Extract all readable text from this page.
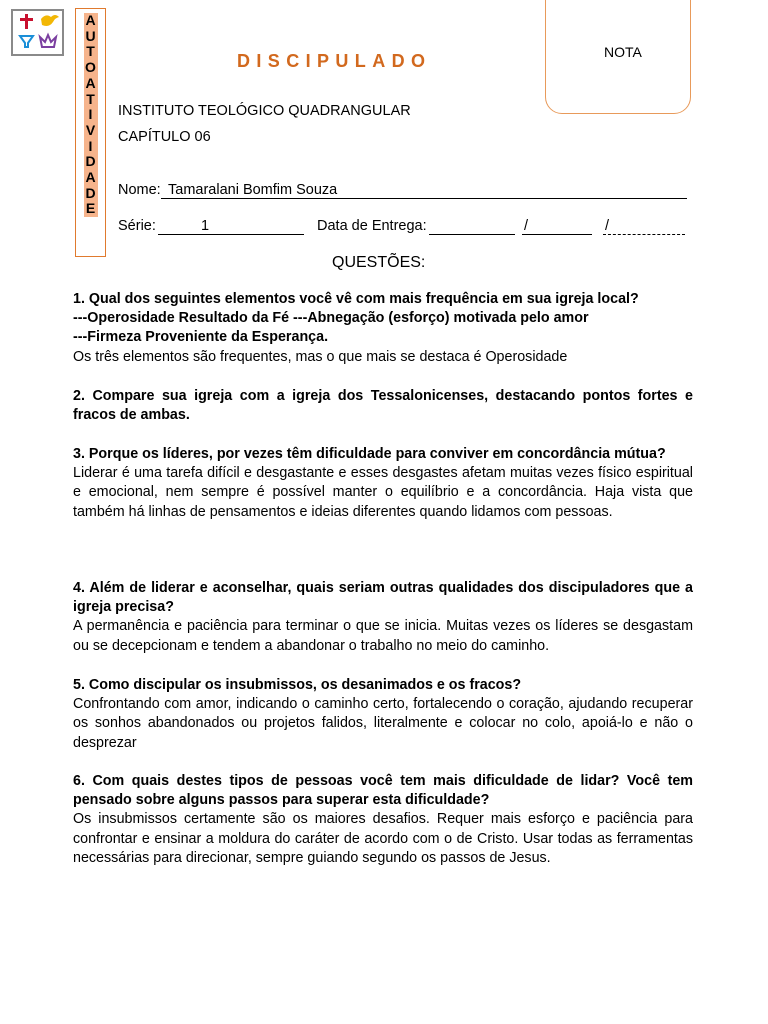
A
U
T
O
A
T
I
V
I
D
A
D
E
NOTA
DISCIPULADO
INSTITUTO TEOLÓGICO QUADRANGULAR
CAPÍTULO 06
Nome: Tamaralani Bomfim Souza
Série:	1	Data de Entrega:	/	/
QUESTÕES:
1. Qual dos seguintes elementos você vê com mais frequência em sua igreja local?
---Operosidade Resultado da Fé ---Abnegação (esforço) motivada pelo amor
---Firmeza Proveniente da Esperança.
Os três elementos são frequentes, mas o que mais se destaca é Operosidade
2. Compare sua igreja com a igreja dos Tessalonicenses, destacando pontos fortes e fracos de ambas.
3. Porque os líderes, por vezes têm dificuldade para conviver em concordância mútua?
Liderar é uma tarefa difícil e desgastante e esses desgastes afetam muitas vezes físico espiritual e emocional, nem sempre é possível manter o equilíbrio e a concordância. Haja vista que também há linhas de pensamentos e ideias diferentes quando lidamos com pessoas.
4. Além de liderar e aconselhar, quais seriam outras qualidades dos discipuladores que a igreja precisa?
A permanência e paciência para terminar o que se inicia. Muitas vezes os líderes se desgastam ou se decepcionam e tendem a abandonar o trabalho no meio do caminho.
5. Como discipular os insubmissos, os desanimados e os fracos?
Confrontando com amor, indicando o caminho certo, fortalecendo o coração, ajudando recuperar os sonhos abandonados ou projetos falidos, literalmente e colocar no colo, apoiá-lo e não o desprezar
6. Com quais destes tipos de pessoas você tem mais dificuldade de lidar? Você tem pensado sobre alguns passos para superar esta dificuldade?
Os insubmissos certamente são os maiores desafios. Requer mais esforço e paciência para confrontar e ensinar a moldura do caráter de acordo com o de Cristo. Usar todas as ferramentas necessárias para direcionar, sempre guiando segundo os passos de Jesus.
